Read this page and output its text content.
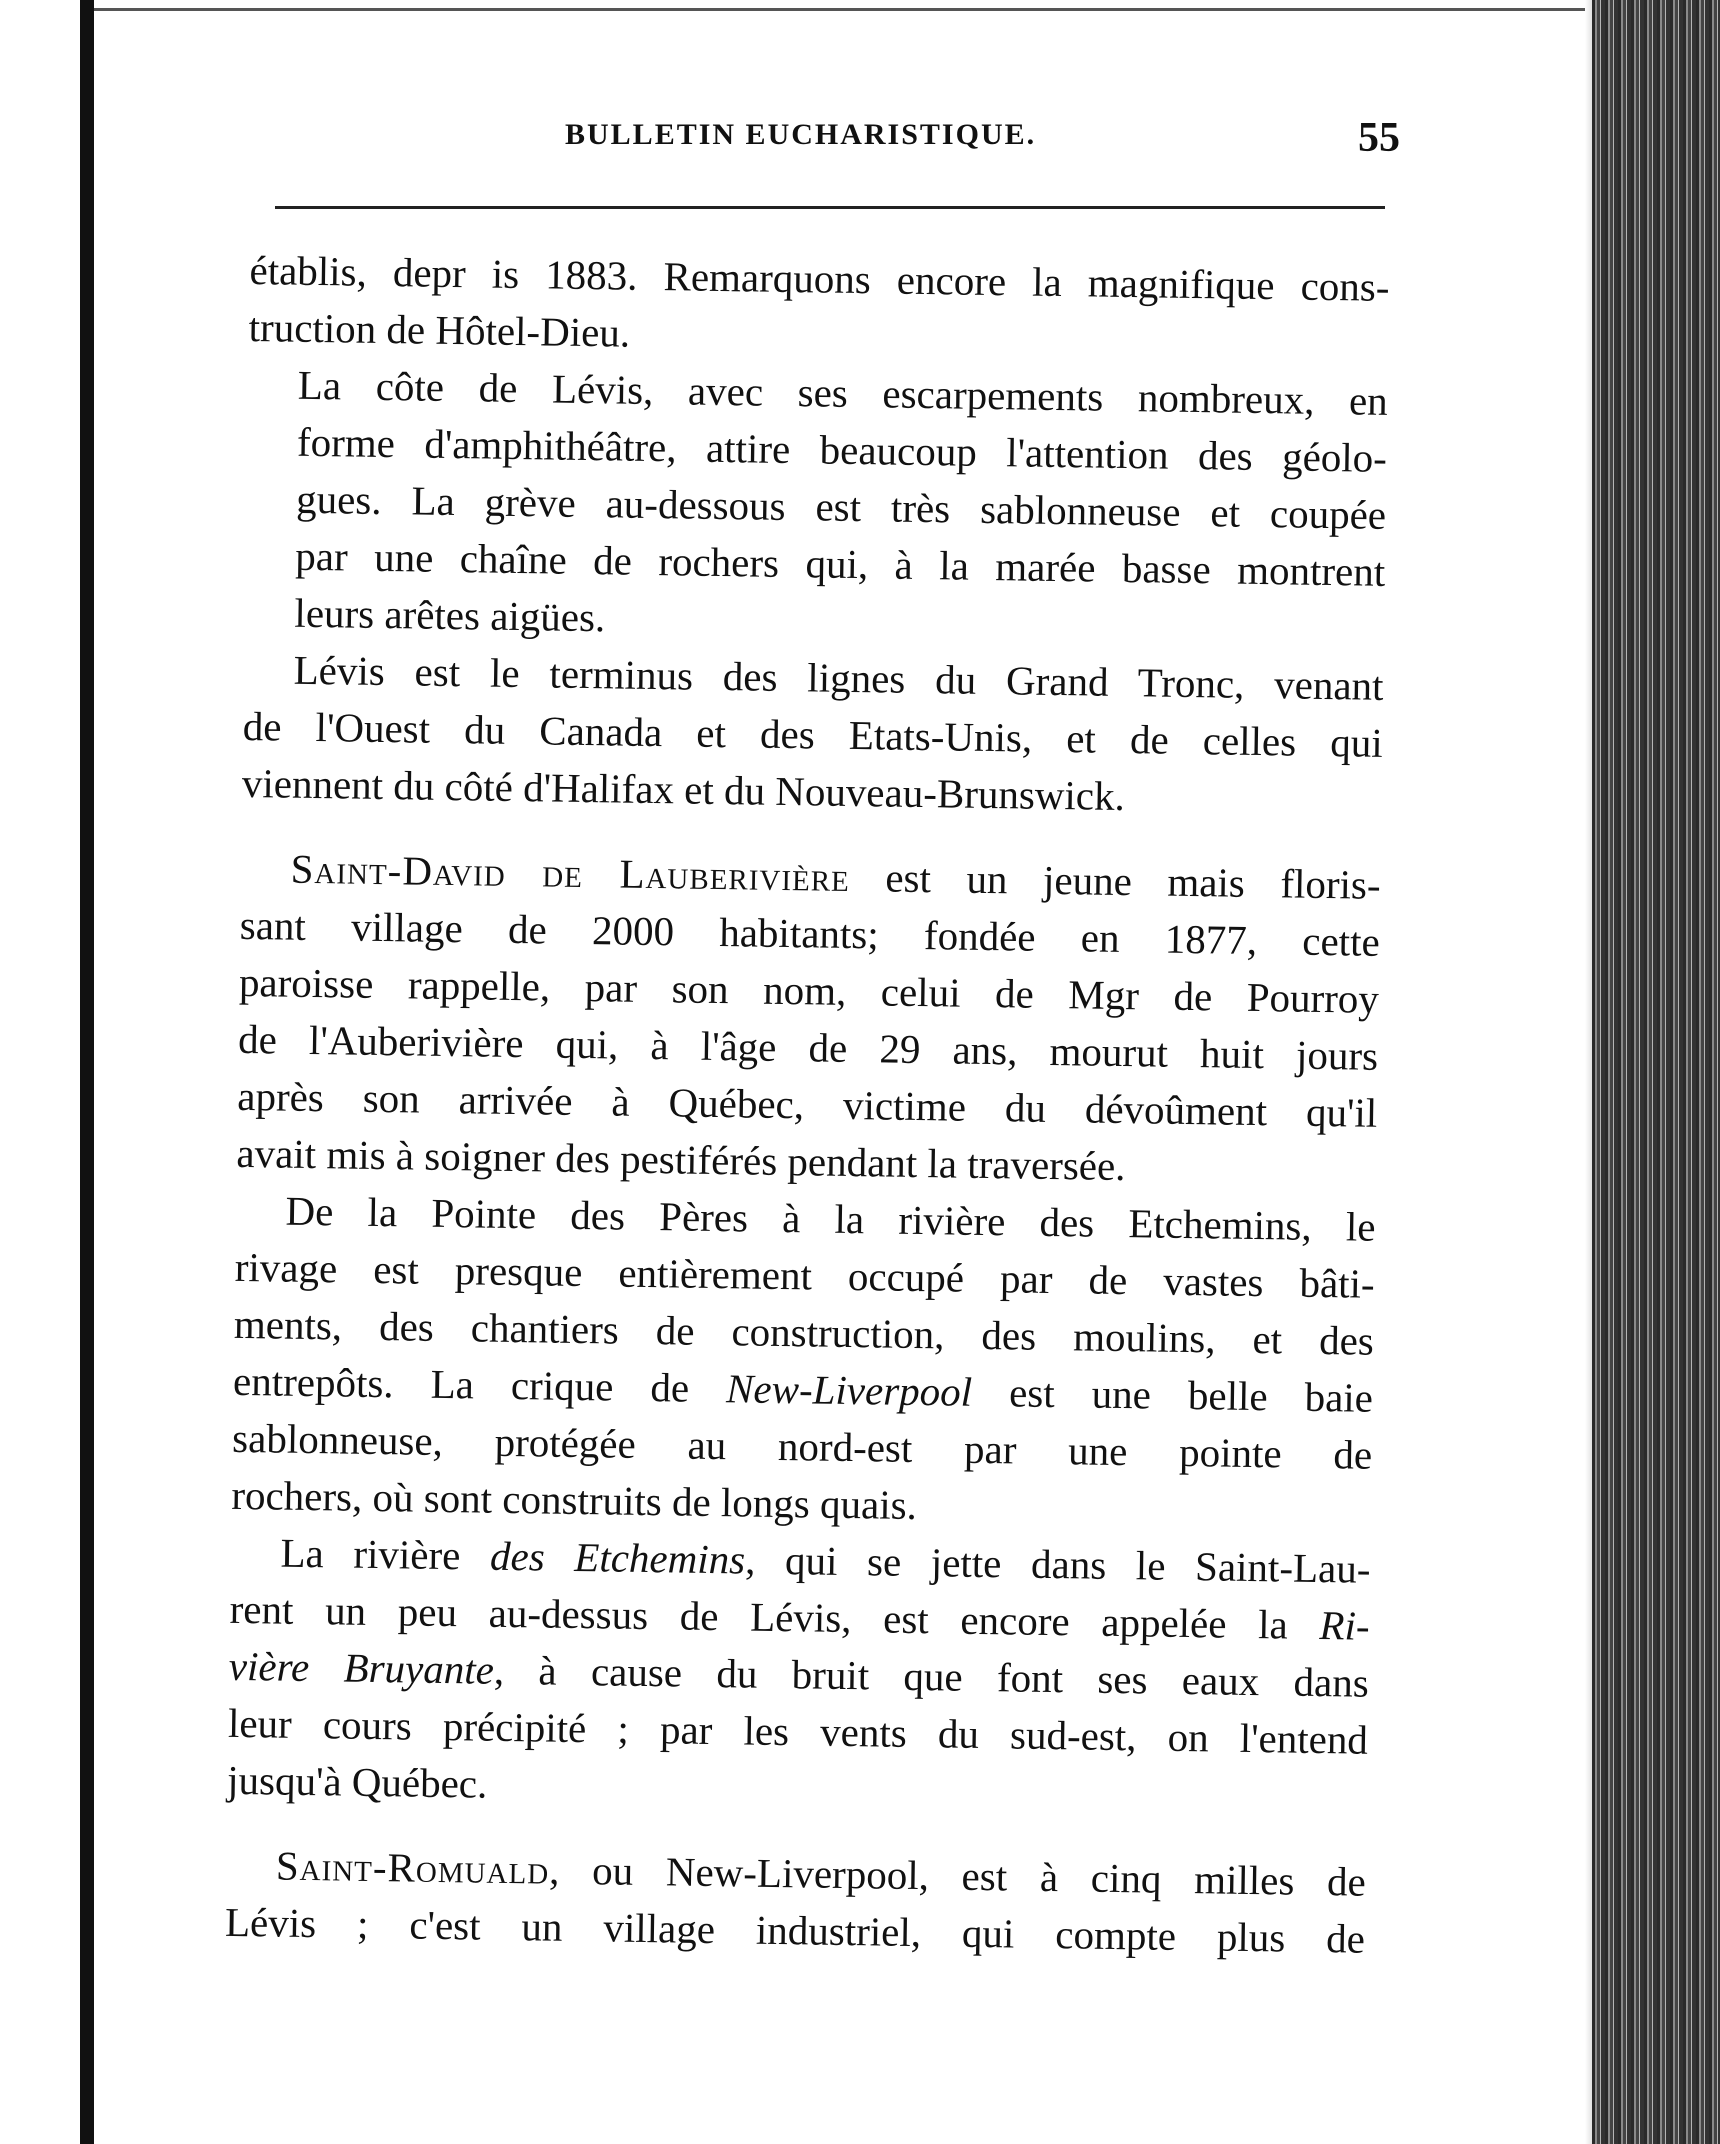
BULLETIN EUCHARISTIQUE.	55

établis, depr is 1883. Remarquons encore la magnifique cons-
truction de Hôtel-Dieu.

La côte de Lévis, avec ses escarpements nombreux, en
forme d'amphithéâtre, attire beaucoup l'attention des géolo-
gues. La grève au-dessous est très sablonneuse et coupée
par une chaîne de rochers qui, à la marée basse montrent
leurs arêtes aigües.

Lévis est le terminus des lignes du Grand Tronc, venant
de l'Ouest du Canada et des Etats-Unis, et de celles qui
viennent du côté d'Halifax et du Nouveau-Brunswick.

Saint-David de Lauberivière est un jeune mais floris-
sant village de 2000 habitants; fondée en 1877, cette
paroisse rappelle, par son nom, celui de Mgr de Pourroy
de l'Auberivière qui, à l'âge de 29 ans, mourut huit jours
après son arrivée à Québec, victime du dévoûment qu'il
avait mis à soigner des pestiférés pendant la traversée.

De la Pointe des Pères à la rivière des Etchemins, le
rivage est presque entièrement occupé par de vastes bâti-
ments, des chantiers de construction, des moulins, et des
entrepôts. La crique de New-Liverpool est une belle baie
sablonneuse, protégée au nord-est par une pointe de
rochers, où sont construits de longs quais.

La rivière des Etchemins, qui se jette dans le Saint-Lau-
rent un peu au-dessus de Lévis, est encore appelée la Ri-
vière Bruyante, à cause du bruit que font ses eaux dans
leur cours précipité ; par les vents du sud-est, on l'entend
jusqu'à Québec.

Saint-Romuald, ou New-Liverpool, est à cinq milles de
Lévis ; c'est un village industriel, qui compte plus de
